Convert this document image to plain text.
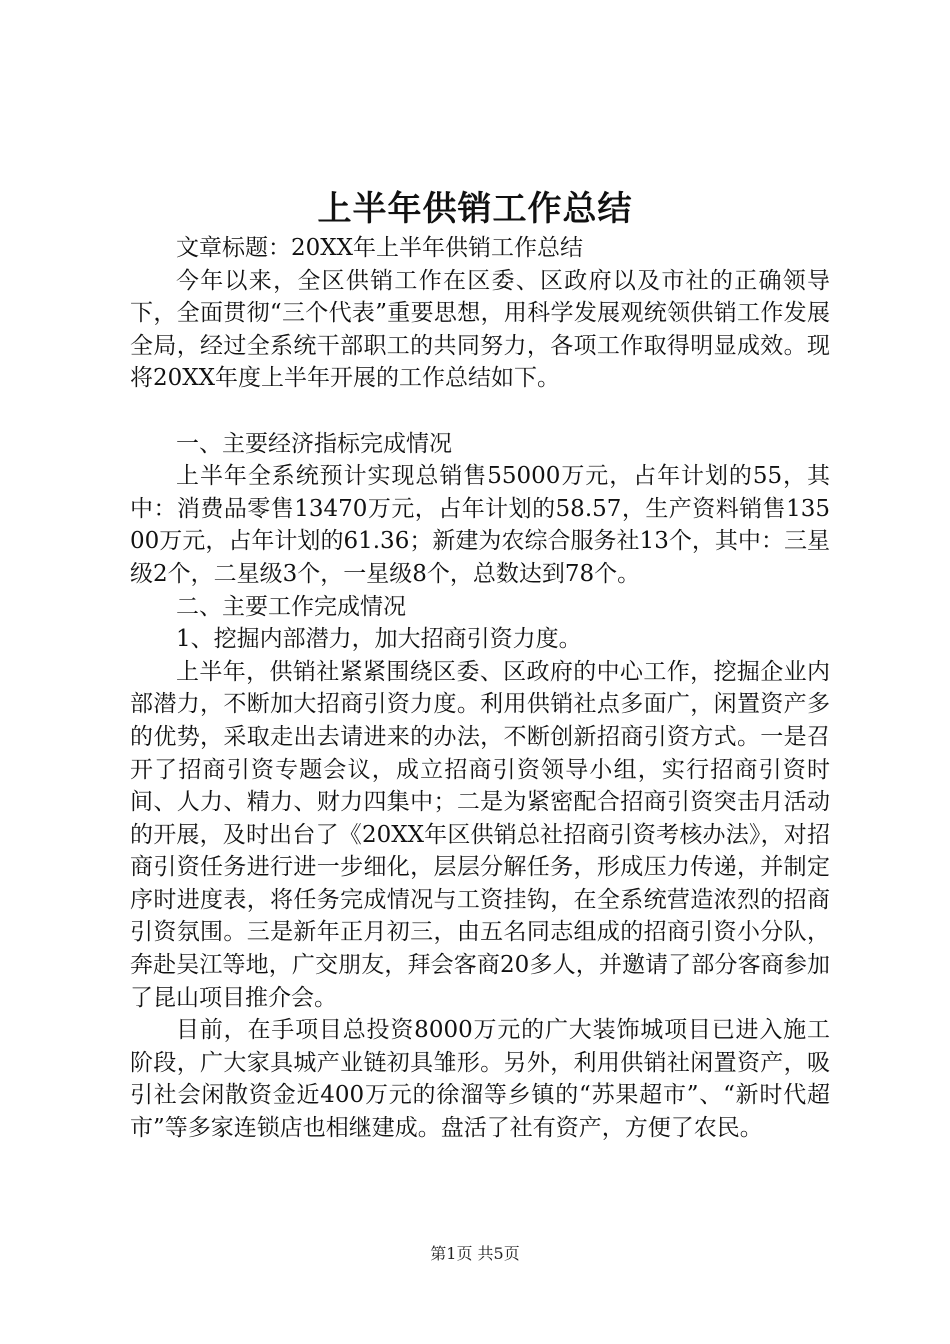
上半年供销工作总结

文章标题：20XX年上半年供销工作总结

今年以来，全区供销工作在区委、区政府以及市社的正确领导下，全面贯彻“三个代表”重要思想，用科学发展观统领供销工作发展全局，经过全系统干部职工的共同努力，各项工作取得明显成效。现将20XX年度上半年开展的工作总结如下。

一、主要经济指标完成情况

上半年全系统预计实现总销售55000万元，占年计划的55，其中：消费品零售13470万元，占年计划的58.57，生产资料销售13500万元，占年计划的61.36；新建为农综合服务社13个，其中：三星级2个，二星级3个，一星级8个，总数达到78个。

二、主要工作完成情况

1、挖掘内部潜力，加大招商引资力度。

上半年，供销社紧紧围绕区委、区政府的中心工作，挖掘企业内部潜力，不断加大招商引资力度。利用供销社点多面广，闲置资产多的优势，采取走出去请进来的办法，不断创新招商引资方式。一是召开了招商引资专题会议，成立招商引资领导小组，实行招商引资时间、人力、精力、财力四集中；二是为紧密配合招商引资突击月活动的开展，及时出台了《20XX年区供销总社招商引资考核办法》，对招商引资任务进行进一步细化，层层分解任务，形成压力传递，并制定序时进度表，将任务完成情况与工资挂钩，在全系统营造浓烈的招商引资氛围。三是新年正月初三，由五名同志组成的招商引资小分队，奔赴吴江等地，广交朋友，拜会客商20多人，并邀请了部分客商参加了昆山项目推介会。

目前，在手项目总投资8000万元的广大装饰城项目已进入施工阶段，广大家具城产业链初具雏形。另外，利用供销社闲置资产，吸引社会闲散资金近400万元的徐溜等乡镇的“苏果超市”、“新时代超市”等多家连锁店也相继建成。盘活了社有资产，方便了农民。

第1页 共5页
